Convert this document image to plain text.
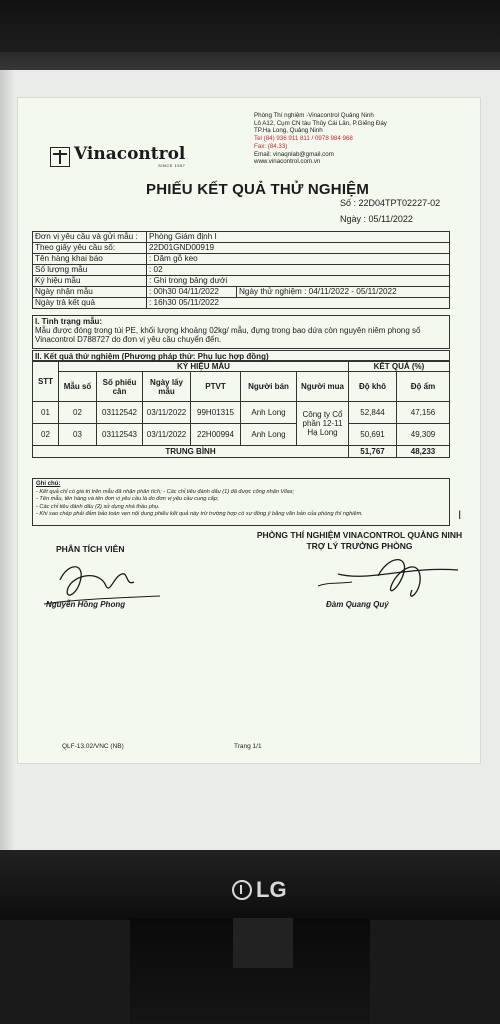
Phòng Thí nghiệm -Vinacontrol Quảng Ninh
Lô A12, Cụm CN tàu Thủy Cái Lân, P.Giếng Đáy
TP.Hạ Long, Quảng Ninh
Tel (84) 936 911 811 / 0978 984 968
Fax: (84.33)
Email: vinaqnlab@gmail.com
www.vinacontrol.com.vn
Vinacontrol
SINCE 1957
PHIẾU KẾT QUẢ THỬ NGHIỆM
Số : 22D04TPT02227-02
Ngày : 05/11/2022
Đơn vị yêu cầu và gửi mẫu :	Phòng Giám định I	
Theo giấy yêu cầu số:	22D01GND00919	
Tên hàng khai báo	: Dăm gỗ keo	
Số lượng mẫu	: 02	
Ký hiệu mẫu	: Ghi trong bảng dưới	
Ngày nhận mẫu	: 00h30 04/11/2022	Ngày thử nghiệm : 04/11/2022 - 05/11/2022
Ngày trả kết quả	: 16h30 05/11/2022	
I. Tình trạng mẫu:
Mẫu được đóng trong túi PE, khối lượng khoảng 02kg/ mẫu, đựng trong bao dứa còn nguyên niêm phong số Vinacontrol D788727 do đơn vị yêu cầu chuyển đến.
II. Kết quả thử nghiệm (Phương pháp thử: Phụ lục hợp đồng)
STT	KÝ HIỆU MẪU						KẾT QUẢ (%)	
	Mẫu số	Số phiếu cân	Ngày lấy mẫu	PTVT	Người bán	Người mua	Độ khô	Độ ẩm
01	02	03112542	03/11/2022	99H01315	Anh Long	Công ty Cổ phần 12-11 Hạ Long	52,844	47,156
02	03	03112543	03/11/2022	22H00994	Anh Long		50,691	49,309
TRUNG BÌNH							51,767	48,233
Ghi chú:
- Kết quả chỉ có giá trị trên mẫu đã nhận phân tích; - Các chỉ tiêu đánh dấu (1) đã được công nhận Vilas;
- Tên mẫu, tên hàng và tên đơn vị yêu cầu là do đơn vị yêu cầu cung cấp;
- Các chỉ tiêu đánh dấu (2) sử dụng nhà thầu phụ.
- Khi sao chép phải đảm bảo toàn vẹn nội dung phiếu kết quả này trừ trường hợp có sự đồng ý bằng văn bản của phòng thí nghiệm.	I
PHÂN TÍCH VIÊN
PHÒNG THÍ NGHIỆM VINACONTROL QUẢNG NINH
TRỢ LÝ TRƯỞNG PHÒNG
Nguyễn Hồng Phong	Đàm Quang Quý
QLF-13.02/VNC (NB)	Trang 1/1
LG
